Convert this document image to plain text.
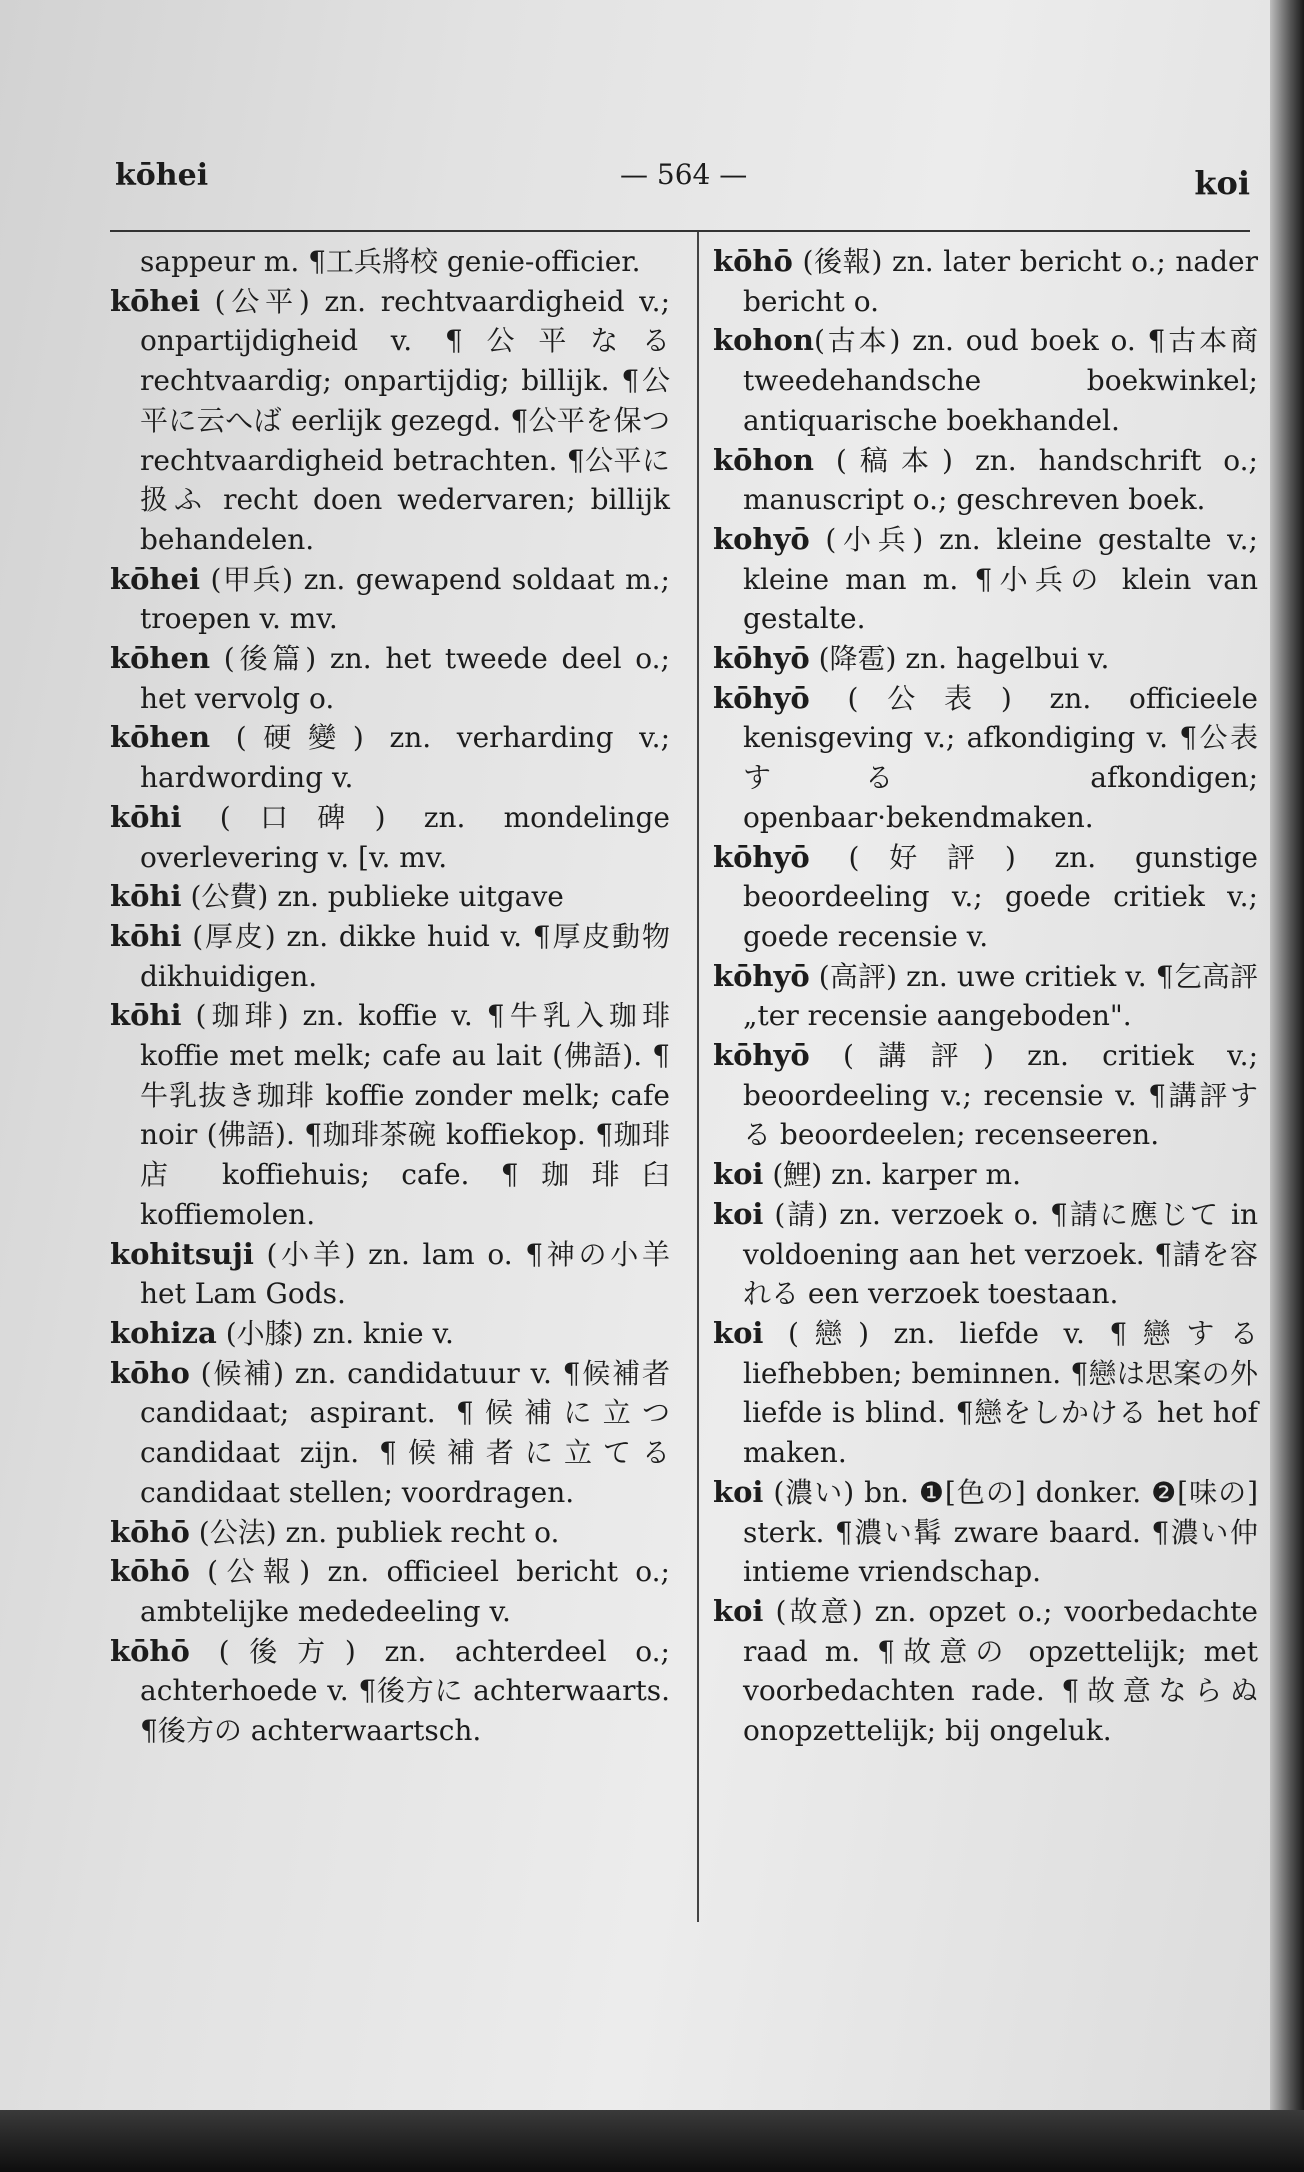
kōhei	— 564 —	koi

sappeur m. ¶工兵將校 genie-officier.

kōhei (公平) zn. rechtvaardigheid v.; onpartijdigheid v. ¶公平なる rechtvaardig; onpartijdig; billijk. ¶公平に云へば eerlijk gezegd. ¶公平を保つ rechtvaardigheid betrachten. ¶公平に扱ふ recht doen wedervaren; billijk behandelen.

kōhei (甲兵) zn. gewapend soldaat m.; troepen v. mv.

kōhen (後篇) zn. het tweede deel o.; het vervolg o.

kōhen (硬變) zn. verharding v.; hardwording v.

kōhi (口碑) zn. mondelinge overlevering v. [v. mv.

kōhi (公費) zn. publieke uitgave

kōhi (厚皮) zn. dikke huid v. ¶厚皮動物 dikhuidigen.

kōhi (珈琲) zn. koffie v. ¶牛乳入珈琲 koffie met melk; cafe au lait (佛語). ¶牛乳抜き珈琲 koffie zonder melk; cafe noir (佛語). ¶珈琲茶碗 koffiekop. ¶珈琲店 koffiehuis; cafe. ¶珈琲臼 koffiemolen.

kohitsuji (小羊) zn. lam o. ¶神の小羊 het Lam Gods.

kohiza (小膝) zn. knie v.

kōho (候補) zn. candidatuur v. ¶候補者 candidaat; aspirant. ¶候補に立つ candidaat zijn. ¶候補者に立てる candidaat stellen; voordragen.

kōhō (公法) zn. publiek recht o.

kōhō (公報) zn. officieel bericht o.; ambtelijke mededeeling v.

kōhō (後方) zn. achterdeel o.; achterhoede v. ¶後方に achterwaarts. ¶後方の achterwaartsch.

kōhō (後報) zn. later bericht o.; nader bericht o.

kohon(古本) zn. oud boek o. ¶古本商 tweedehandsche boekwinkel; antiquarische boekhandel.

kōhon (稿本) zn. handschrift o.; manuscript o.; geschreven boek.

kohyō (小兵) zn. kleine gestalte v.; kleine man m. ¶小兵の klein van gestalte.

kōhyō (降雹) zn. hagelbui v.

kōhyō (公表) zn. officieele kenisgeving v.; afkondiging v. ¶公表する afkondigen; openbaar·bekendmaken.

kōhyō (好評) zn. gunstige beoordeeling v.; goede critiek v.; goede recensie v.

kōhyō (高評) zn. uwe critiek v. ¶乞高評 „ter recensie aangeboden".

kōhyō (講評) zn. critiek v.; beoordeeling v.; recensie v. ¶講評する beoordeelen; recenseeren.

koi (鯉) zn. karper m.

koi (請) zn. verzoek o. ¶請に應じて in voldoening aan het verzoek. ¶請を容れる een verzoek toestaan.

koi (戀) zn. liefde v. ¶戀する liefhebben; beminnen. ¶戀は思案の外 liefde is blind. ¶戀をしかける het hof maken.

koi (濃い) bn. ❶[色の] donker. ❷[味の] sterk. ¶濃い髯 zware baard. ¶濃い仲 intieme vriendschap.

koi (故意) zn. opzet o.; voorbedachte raad m. ¶故意の opzettelijk; met voorbedachten rade. ¶故意ならぬ onopzettelijk; bij ongeluk.
